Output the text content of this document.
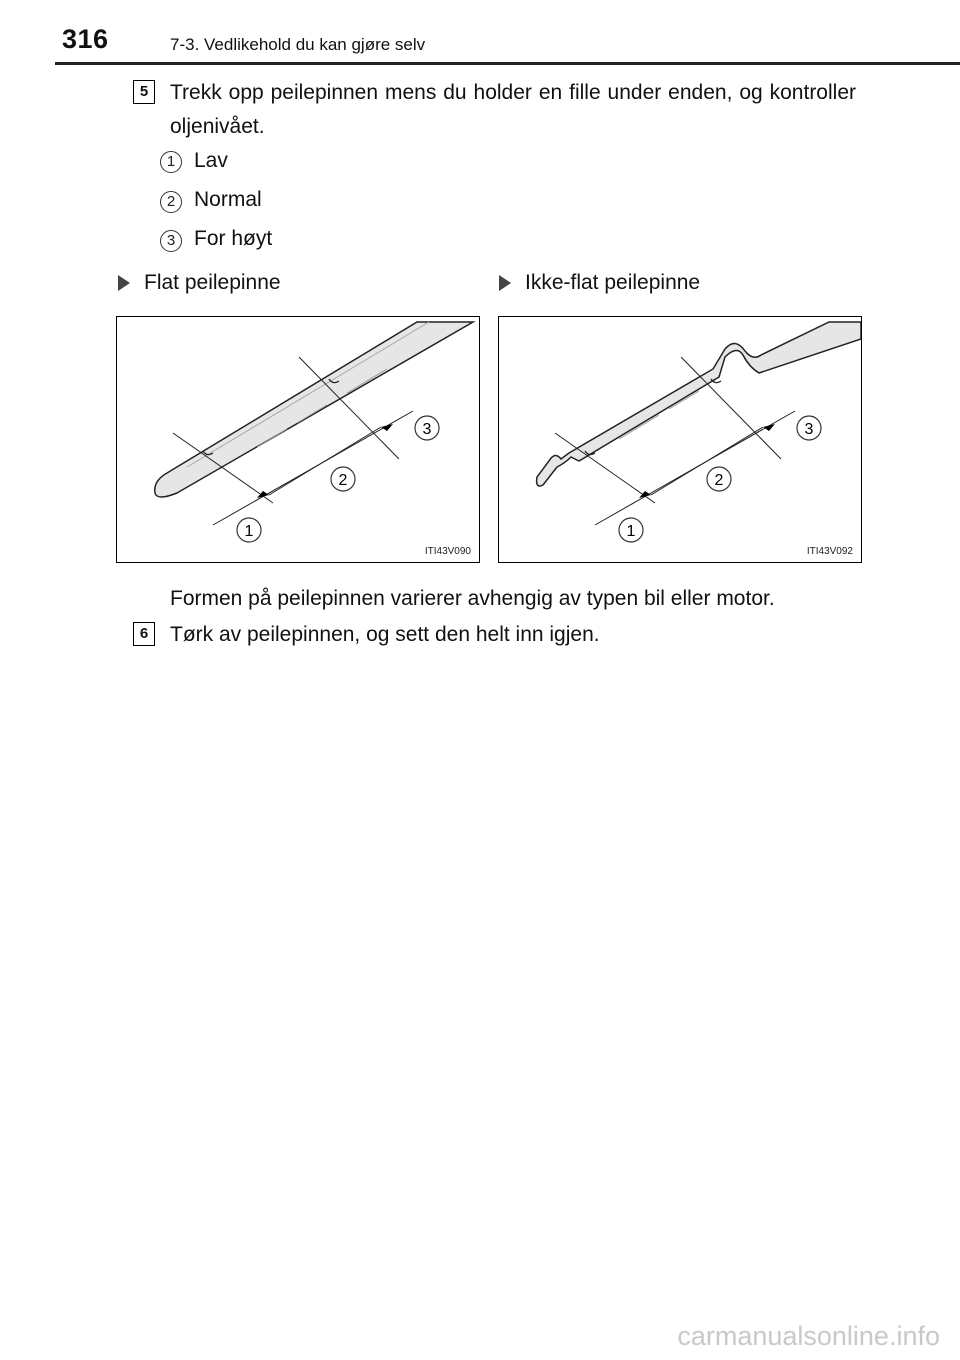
316	7-3. Vedlikehold du kan gjøre selv
5	Trekk opp peilepinnen mens du holder en fille under enden, og kontroller oljenivået.
1 Lav
2 Normal
3 For høyt
Flat peilepinne	Ikke-flat peilepinne
1
2
3
ITI43V090
1
2
3
ITI43V092
Formen på peilepinnen varierer avhengig av typen bil eller motor.
6	Tørk av peilepinnen, og sett den helt inn igjen.
carmanualsonline.info
